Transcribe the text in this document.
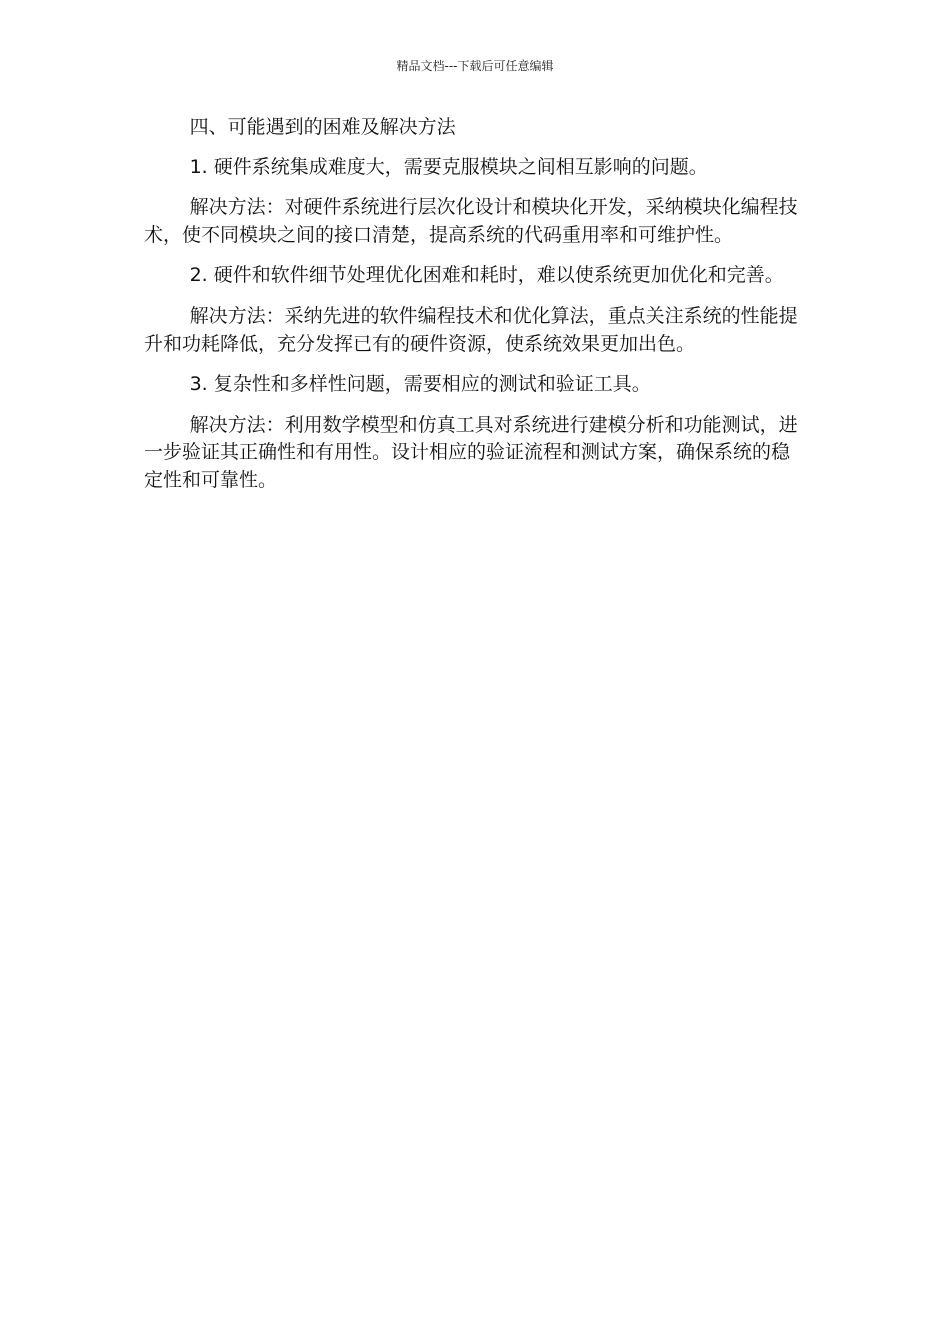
精品文档---下载后可任意编辑

四、可能遇到的困难及解决方法

1. 硬件系统集成难度大，需要克服模块之间相互影响的问题。

解决方法：对硬件系统进行层次化设计和模块化开发，采纳模块化编程技术，使不同模块之间的接口清楚，提高系统的代码重用率和可维护性。

2. 硬件和软件细节处理优化困难和耗时，难以使系统更加优化和完善。

解决方法：采纳先进的软件编程技术和优化算法，重点关注系统的性能提升和功耗降低，充分发挥已有的硬件资源，使系统效果更加出色。

3. 复杂性和多样性问题，需要相应的测试和验证工具。

解决方法：利用数学模型和仿真工具对系统进行建模分析和功能测试，进一步验证其正确性和有用性。设计相应的验证流程和测试方案，确保系统的稳定性和可靠性。
